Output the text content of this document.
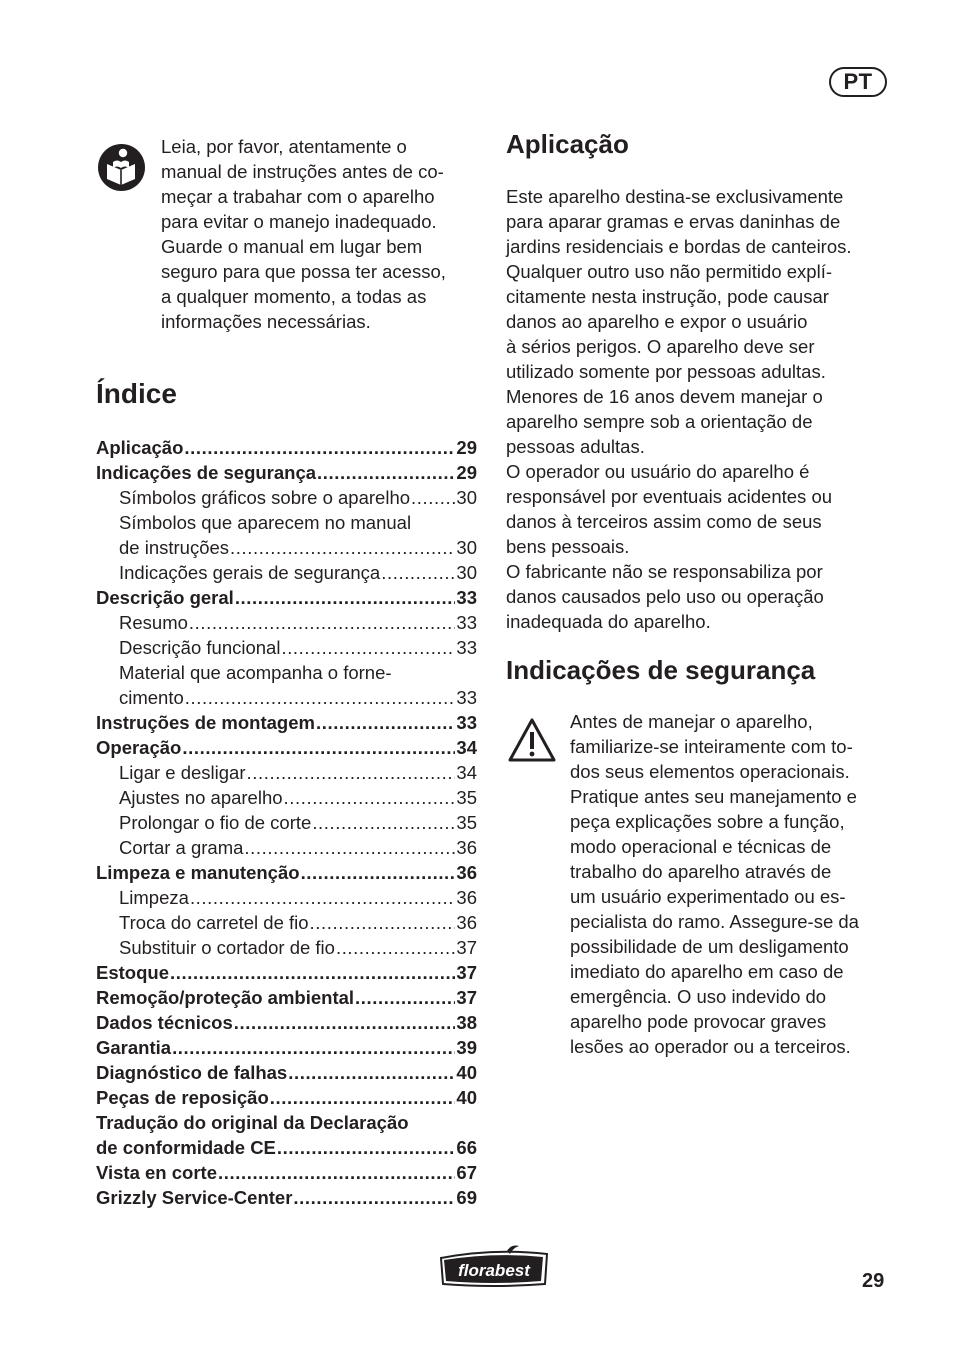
PT
Leia, por favor, atentamente o
manual de instruções antes de co-
meçar a trabahar com o aparelho
para evitar o manejo inadequado.
Guarde o manual em lugar bem
seguro para que possa ter acesso,
a qualquer momento, a todas as
informações necessárias.
Índice
Aplicação .....	29
Indicações de segurança .....	29
Símbolos gráficos sobre o aparelho .....	30
Símbolos que aparecem no manual
de instruções .....	30
Indicações gerais de segurança .....	30
Descrição geral .....	33
Resumo .....	33
Descrição funcional .....	33
Material que acompanha o forne-
cimento .....	33
Instruções de montagem .....	33
Operação .....	34
Ligar e desligar .....	34
Ajustes no aparelho .....	35
Prolongar o fio de corte .....	35
Cortar a grama .....	36
Limpeza e manutenção .....	36
Limpeza .....	36
Troca do carretel de fio .....	36
Substituir o cortador de fio .....	37
Estoque .....	37
Remoção/proteção ambiental .....	37
Dados técnicos .....	38
Garantia .....	39
Diagnóstico de falhas .....	40
Peças de reposição .....	40
Tradução do original da Declaração
de conformidade CE .....	66
Vista en corte .....	67
Grizzly Service-Center .....	69
Aplicação
Este aparelho destina-se exclusivamente
para aparar gramas e ervas daninhas de
jardins residenciais e bordas de canteiros.
Qualquer outro uso não permitido explí-
citamente nesta instrução, pode causar
danos ao aparelho e expor o usuário
à sérios perigos. O aparelho deve ser
utilizado somente por pessoas adultas.
Menores de 16 anos devem manejar o
aparelho sempre sob a orientação de
pessoas adultas.
O operador ou usuário do aparelho é
responsável por eventuais acidentes ou
danos à terceiros assim como de seus
bens pessoais.
O fabricante não se responsabiliza por
danos causados pelo uso ou operação
inadequada do aparelho.
Indicações de segurança
Antes de manejar o aparelho,
familiarize-se inteiramente com to-
dos seus elementos operacionais.
Pratique antes seu manejamento e
peça explicações sobre a função,
modo operacional e técnicas de
trabalho do aparelho através de
um usuário experimentado ou es-
pecialista do ramo. Assegure-se da
possibilidade de um desligamento
imediato do aparelho em caso de
emergência. O uso indevido do
aparelho pode provocar graves
lesões ao operador ou a terceiros.
florabest	29
